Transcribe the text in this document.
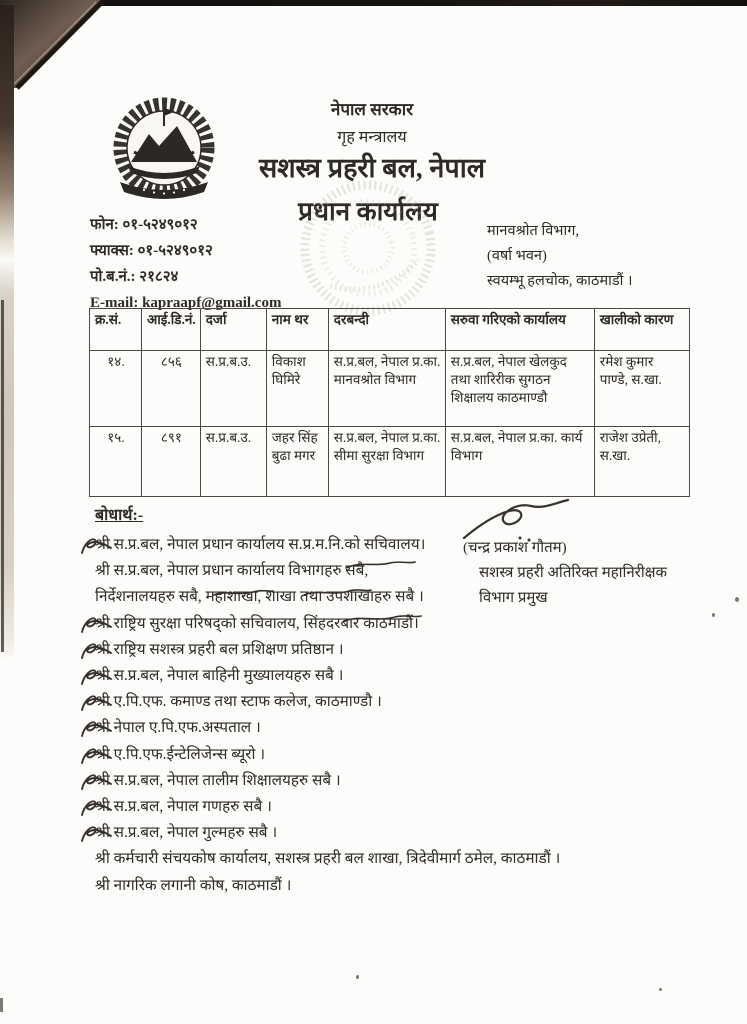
नेपाल सरकार
गृह मन्त्रालय
सशस्त्र प्रहरी बल, नेपाल
प्रधान कार्यालय
फोन: ०१-५२४९०१२
फ्याक्स: ०१-५२४९०१२
पो.ब.नं.: २१८२४
E-mail: kapraapf@gmail.com
मानवश्रोत विभाग,
(वर्षा भवन)
स्वयम्भू हलचोक, काठमाडौं ।
क्र.सं.	आई.डि.नं.	दर्जा	नाम थर	दरबन्दी	सरुवा गरिएको कार्यालय	खालीको कारण
१४.	८५६	स.प्र.ब.उ.	विकाश घिमिरे	स.प्र.बल, नेपाल प्र.का. मानवश्रोत विभाग	स.प्र.बल, नेपाल खेलकुद तथा शारिरीक सुगठन शिक्षालय काठमाण्डौ	रमेश कुमार पाण्डे, स.खा.
१५.	८९१	स.प्र.ब.उ.	जहर सिंह बुढा मगर	स.प्र.बल, नेपाल प्र.का. सीमा सुरक्षा विभाग	स.प्र.बल, नेपाल प्र.का. कार्य विभाग	राजेश उप्रेती, स.खा.
बोधार्थ:-
श्री स.प्र.बल, नेपाल प्रधान कार्यालय स.प्र.म.नि.को सचिवालय।
श्री स.प्र.बल, नेपाल प्रधान कार्यालय विभागहरु सबै,
निर्देशनालयहरु सबै, महाशाखा, शाखा तथा उपशाखाहरु सबै ।
श्री राष्ट्रिय सुरक्षा परिषद्को सचिवालय, सिंहदरबार काठमाडौं।
श्री राष्ट्रिय सशस्त्र प्रहरी बल प्रशिक्षण प्रतिष्ठान ।
श्री स.प्र.बल, नेपाल बाहिनी मुख्यालयहरु सबै ।
श्री ए.पि.एफ. कमाण्ड तथा स्टाफ कलेज, काठमाण्डौ ।
श्री नेपाल ए.पि.एफ.अस्पताल ।
श्री ए.पि.एफ.ईन्टेलिजेन्स ब्यूरो ।
श्री स.प्र.बल, नेपाल तालीम शिक्षालयहरु सबै ।
श्री स.प्र.बल, नेपाल गणहरु सबै ।
श्री स.प्र.बल, नेपाल गुल्महरु सबै ।
श्री कर्मचारी संचयकोष कार्यालय, सशस्त्र प्रहरी बल शाखा, त्रिदेवीमार्ग ठमेल, काठमाडौं ।
श्री नागरिक लगानी कोष, काठमाडौं ।
(चन्द्र प्रकाश गौतम)
सशस्त्र प्रहरी अतिरिक्त महानिरीक्षक
विभाग प्रमुख
